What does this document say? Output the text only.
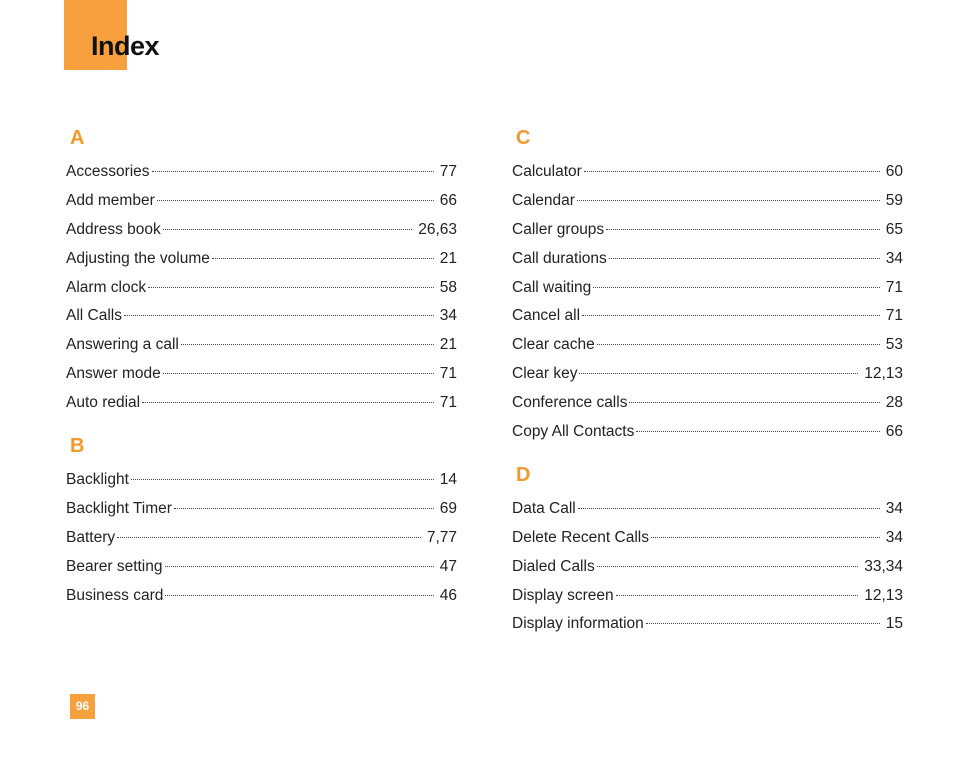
Index
A
Accessories	77
Add member	66
Address book	26,63
Adjusting the volume	21
Alarm clock	58
All Calls	34
Answering a call	21
Answer mode	71
Auto redial	71
B
Backlight	14
Backlight Timer	69
Battery	7,77
Bearer setting	47
Business card	46
C
Calculator	60
Calendar	59
Caller groups	65
Call durations	34
Call waiting	71
Cancel all	71
Clear cache	53
Clear key	12,13
Conference calls	28
Copy All Contacts	66
D
Data Call	34
Delete Recent Calls	34
Dialed Calls	33,34
Display screen	12,13
Display information	15
96
